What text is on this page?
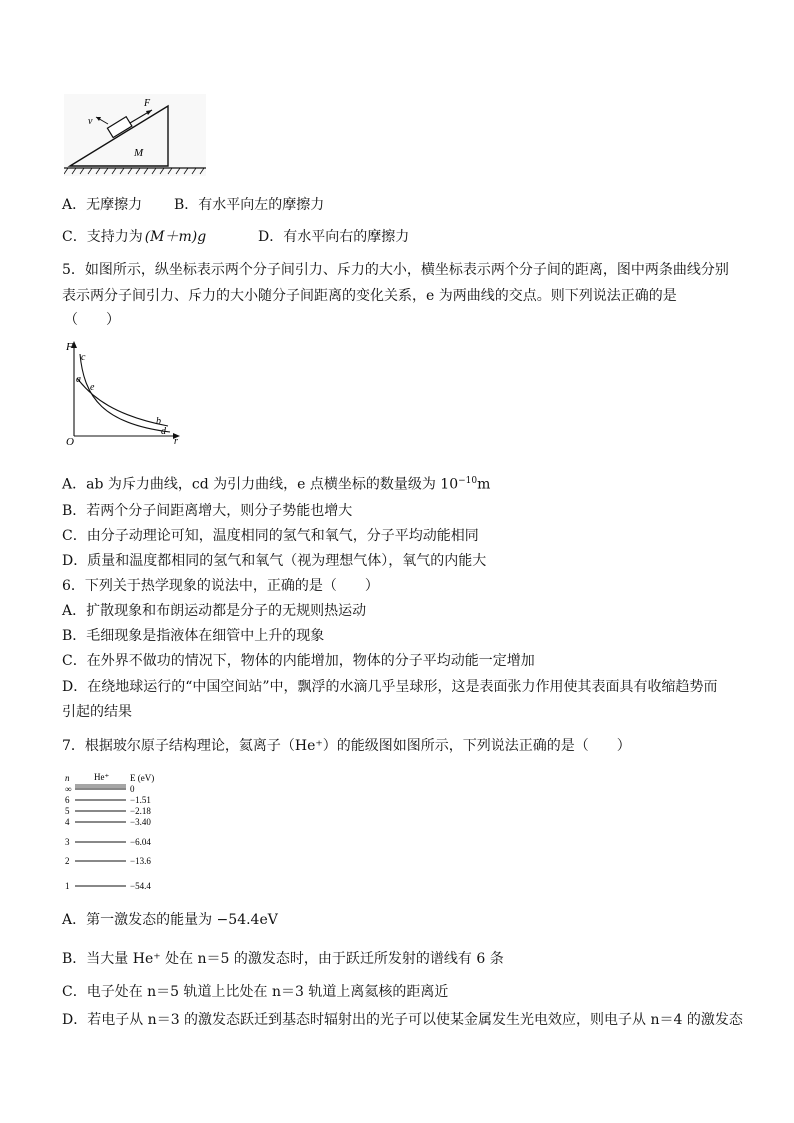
F
v
M
A．无摩擦力 B．有水平向左的摩擦力
C．支持力为 (M＋m)g	D．有水平向右的摩擦力
5．如图所示，纵坐标表示两个分子间引力、斥力的大小，横坐标表示两个分子间的距离，图中两条曲线分别
表示两分子间引力、斥力的大小随分子间距离的变化关系，e 为两曲线的交点。则下列说法正确的是
（　　）
F
O	r
c
a
e
b
d
A．ab 为斥力曲线，cd 为引力曲线，e 点横坐标的数量级为 $10^{-10}m$
B．若两个分子间距离增大，则分子势能也增大
C．由分子动理论可知，温度相同的氢气和氧气，分子平均动能相同
D．质量和温度都相同的氢气和氧气（视为理想气体），氧气的内能大
6．下列关于热学现象的说法中，正确的是（　　）
A．扩散现象和布朗运动都是分子的无规则热运动
B．毛细现象是指液体在细管中上升的现象
C．在外界不做功的情况下，物体的内能增加，物体的分子平均动能一定增加
D．在绕地球运行的“中国空间站”中，飘浮的水滴几乎呈球形，这是表面张力作用使其表面具有收缩趋势而
引起的结果
7．根据玻尔原子结构理论，氦离子（He⁺）的能级图如图所示，下列说法正确的是（　　）
n	He⁺ E (eV)
∞	0
6	−1.51
5	−2.18
4	−3.40
3	−6.04
2	−13.6
1	−54.4
A．第一激发态的能量为 −54.4eV
B．当大量 He⁺ 处在 n＝5 的激发态时，由于跃迁所发射的谱线有 6 条
C．电子处在 n＝5 轨道上比处在 n＝3 轨道上离氦核的距离近
D．若电子从 n＝3 的激发态跃迁到基态时辐射出的光子可以使某金属发生光电效应，则电子从 n＝4 的激发态
